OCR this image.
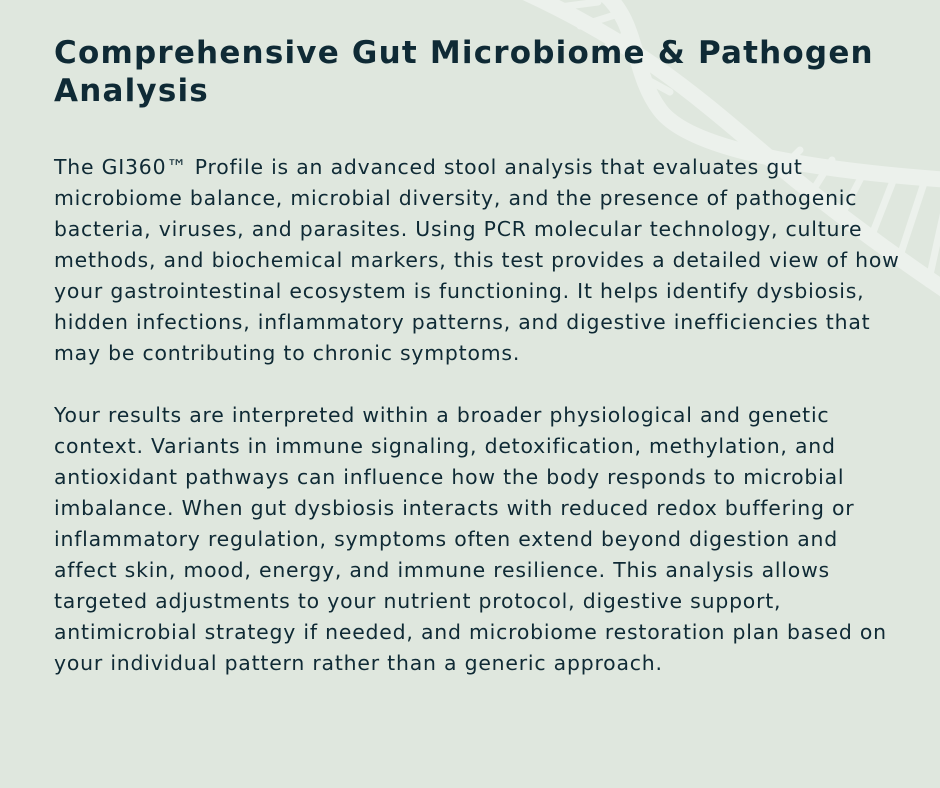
Comprehensive Gut Microbiome & Pathogen Analysis

The GI360™ Profile is an advanced stool analysis that evaluates gut microbiome balance, microbial diversity, and the presence of pathogenic bacteria, viruses, and parasites. Using PCR molecular technology, culture methods, and biochemical markers, this test provides a detailed view of how your gastrointestinal ecosystem is functioning. It helps identify dysbiosis, hidden infections, inflammatory patterns, and digestive inefficiencies that may be contributing to chronic symptoms.

Your results are interpreted within a broader physiological and genetic context. Variants in immune signaling, detoxification, methylation, and antioxidant pathways can influence how the body responds to microbial imbalance. When gut dysbiosis interacts with reduced redox buffering or inflammatory regulation, symptoms often extend beyond digestion and affect skin, mood, energy, and immune resilience. This analysis allows targeted adjustments to your nutrient protocol, digestive support, antimicrobial strategy if needed, and microbiome restoration plan based on your individual pattern rather than a generic approach.
